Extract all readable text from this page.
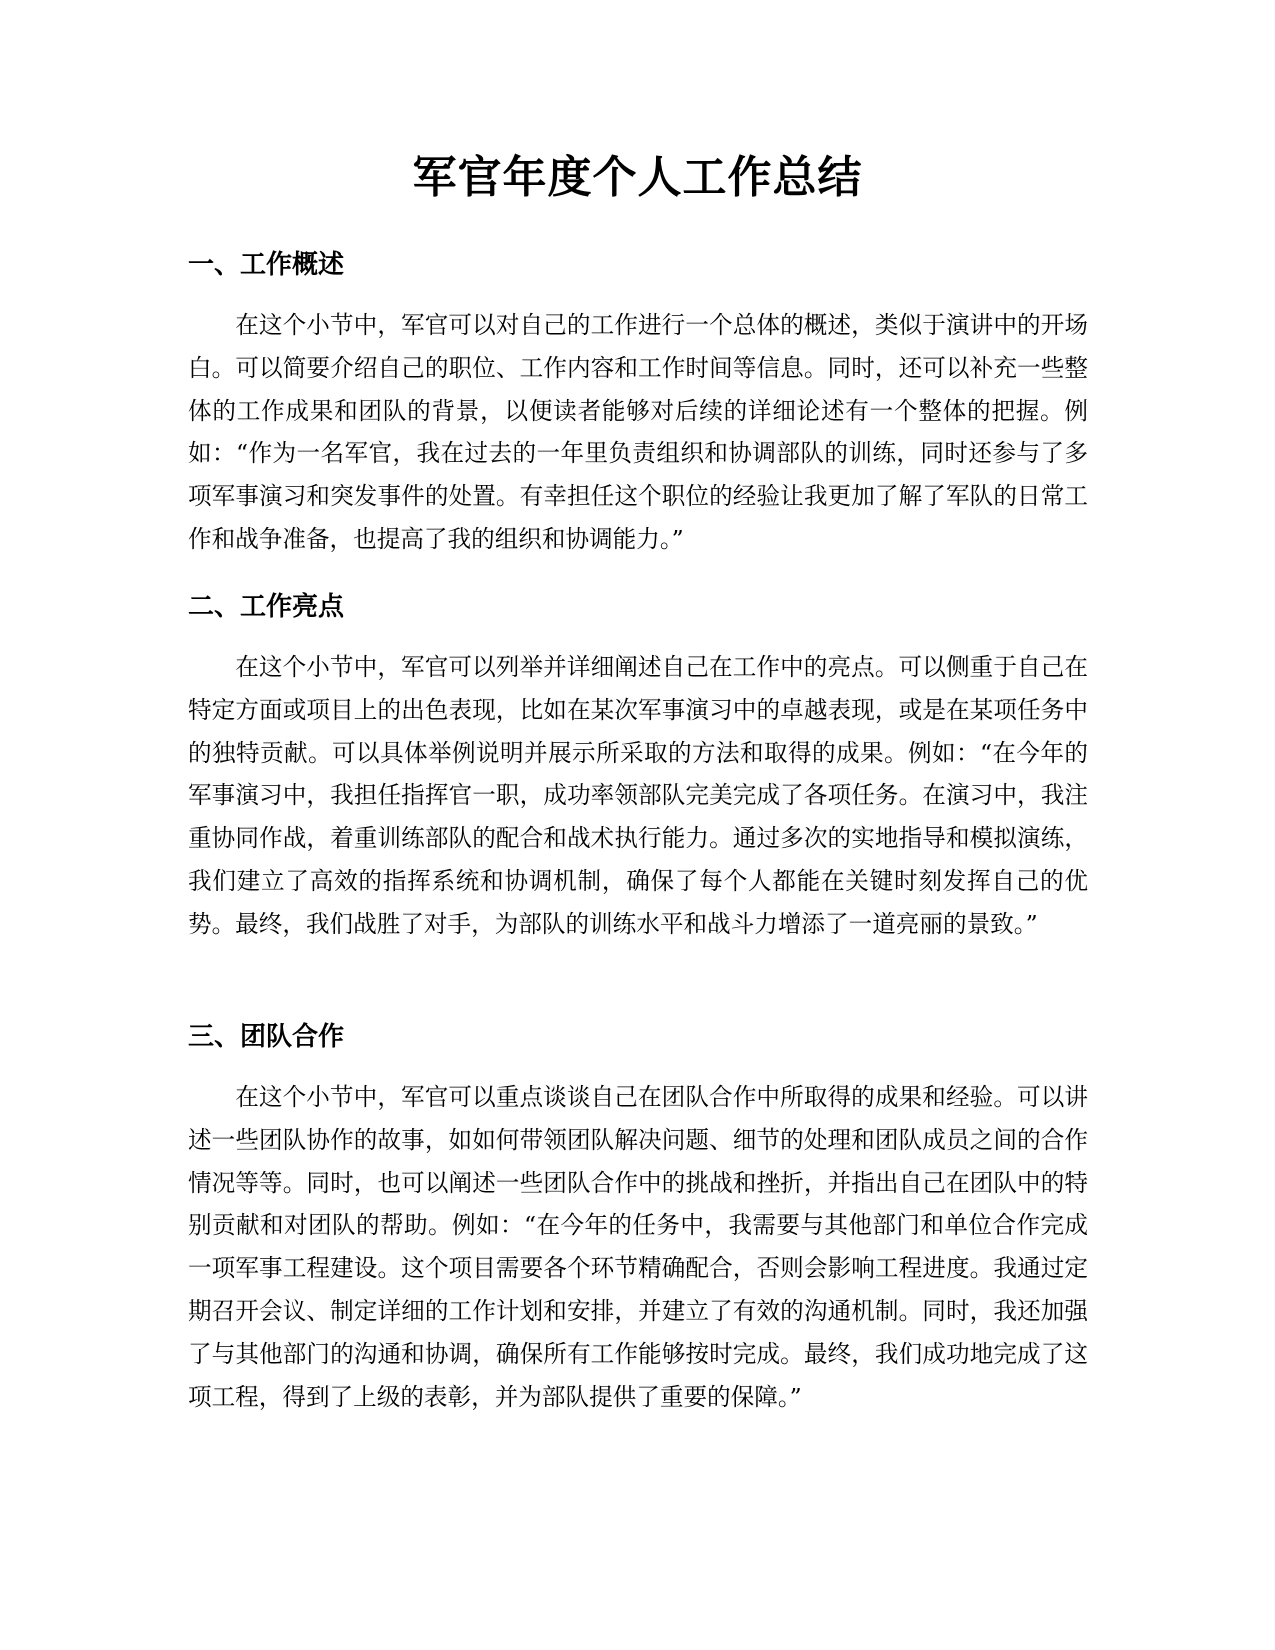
军官年度个人工作总结
一、工作概述

在这个小节中，军官可以对自己的工作进行一个总体的概述，类似于演讲中的开场白。可以简要介绍自己的职位、工作内容和工作时间等信息。同时，还可以补充一些整体的工作成果和团队的背景，以便读者能够对后续的详细论述有一个整体的把握。例如：“作为一名军官，我在过去的一年里负责组织和协调部队的训练，同时还参与了多项军事演习和突发事件的处置。有幸担任这个职位的经验让我更加了解了军队的日常工作和战争准备，也提高了我的组织和协调能力。”

二、工作亮点

在这个小节中，军官可以列举并详细阐述自己在工作中的亮点。可以侧重于自己在特定方面或项目上的出色表现，比如在某次军事演习中的卓越表现，或是在某项任务中的独特贡献。可以具体举例说明并展示所采取的方法和取得的成果。例如：“在今年的军事演习中，我担任指挥官一职，成功率领部队完美完成了各项任务。在演习中，我注重协同作战，着重训练部队的配合和战术执行能力。通过多次的实地指导和模拟演练，我们建立了高效的指挥系统和协调机制，确保了每个人都能在关键时刻发挥自己的优势。最终，我们战胜了对手，为部队的训练水平和战斗力增添了一道亮丽的景致。”

三、团队合作

在这个小节中，军官可以重点谈谈自己在团队合作中所取得的成果和经验。可以讲述一些团队协作的故事，如如何带领团队解决问题、细节的处理和团队成员之间的合作情况等等。同时，也可以阐述一些团队合作中的挑战和挫折，并指出自己在团队中的特别贡献和对团队的帮助。例如：“在今年的任务中，我需要与其他部门和单位合作完成一项军事工程建设。这个项目需要各个环节精确配合，否则会影响工程进度。我通过定期召开会议、制定详细的工作计划和安排，并建立了有效的沟通机制。同时，我还加强了与其他部门的沟通和协调，确保所有工作能够按时完成。最终，我们成功地完成了这项工程，得到了上级的表彰，并为部队提供了重要的保障。”
